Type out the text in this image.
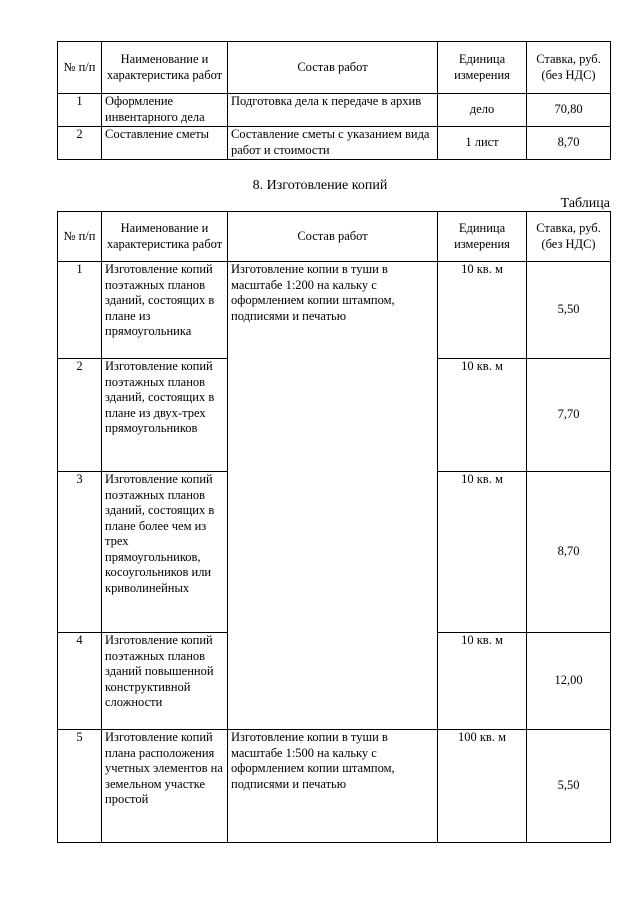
№ п/п	Наименование и характеристика работ	Состав работ	Единица измерения	Ставка, руб. (без НДС)
1	Оформление инвентарного дела	Подготовка дела к передаче в архив	дело	70,80
2	Составление сметы	Составление сметы с указанием вида работ и стоимости	1 лист	8,70
8. Изготовление копий
Таблица
№ п/п	Наименование и характеристика работ	Состав работ	Единица измерения	Ставка, руб. (без НДС)
1	Изготовление копий поэтажных планов зданий, состоящих в плане из прямоугольника	Изготовление копии в туши в масштабе 1:200 на кальку с оформлением копии штампом, подписями и печатью	10 кв. м	5,50
2	Изготовление копий поэтажных планов зданий, состоящих в плане из двух-трех прямоугольников		10 кв. м	7,70
3	Изготовление копий поэтажных планов зданий, состоящих в плане более чем из трех прямоугольников, косоугольников или криволинейных		10 кв. м	8,70
4	Изготовление копий поэтажных планов зданий повышенной конструктивной сложности		10 кв. м	12,00
5	Изготовление копий плана расположения учетных элементов на земельном участке простой	Изготовление копии в туши в масштабе 1:500 на кальку с оформлением копии штампом, подписями и печатью	100 кв. м	5,50
